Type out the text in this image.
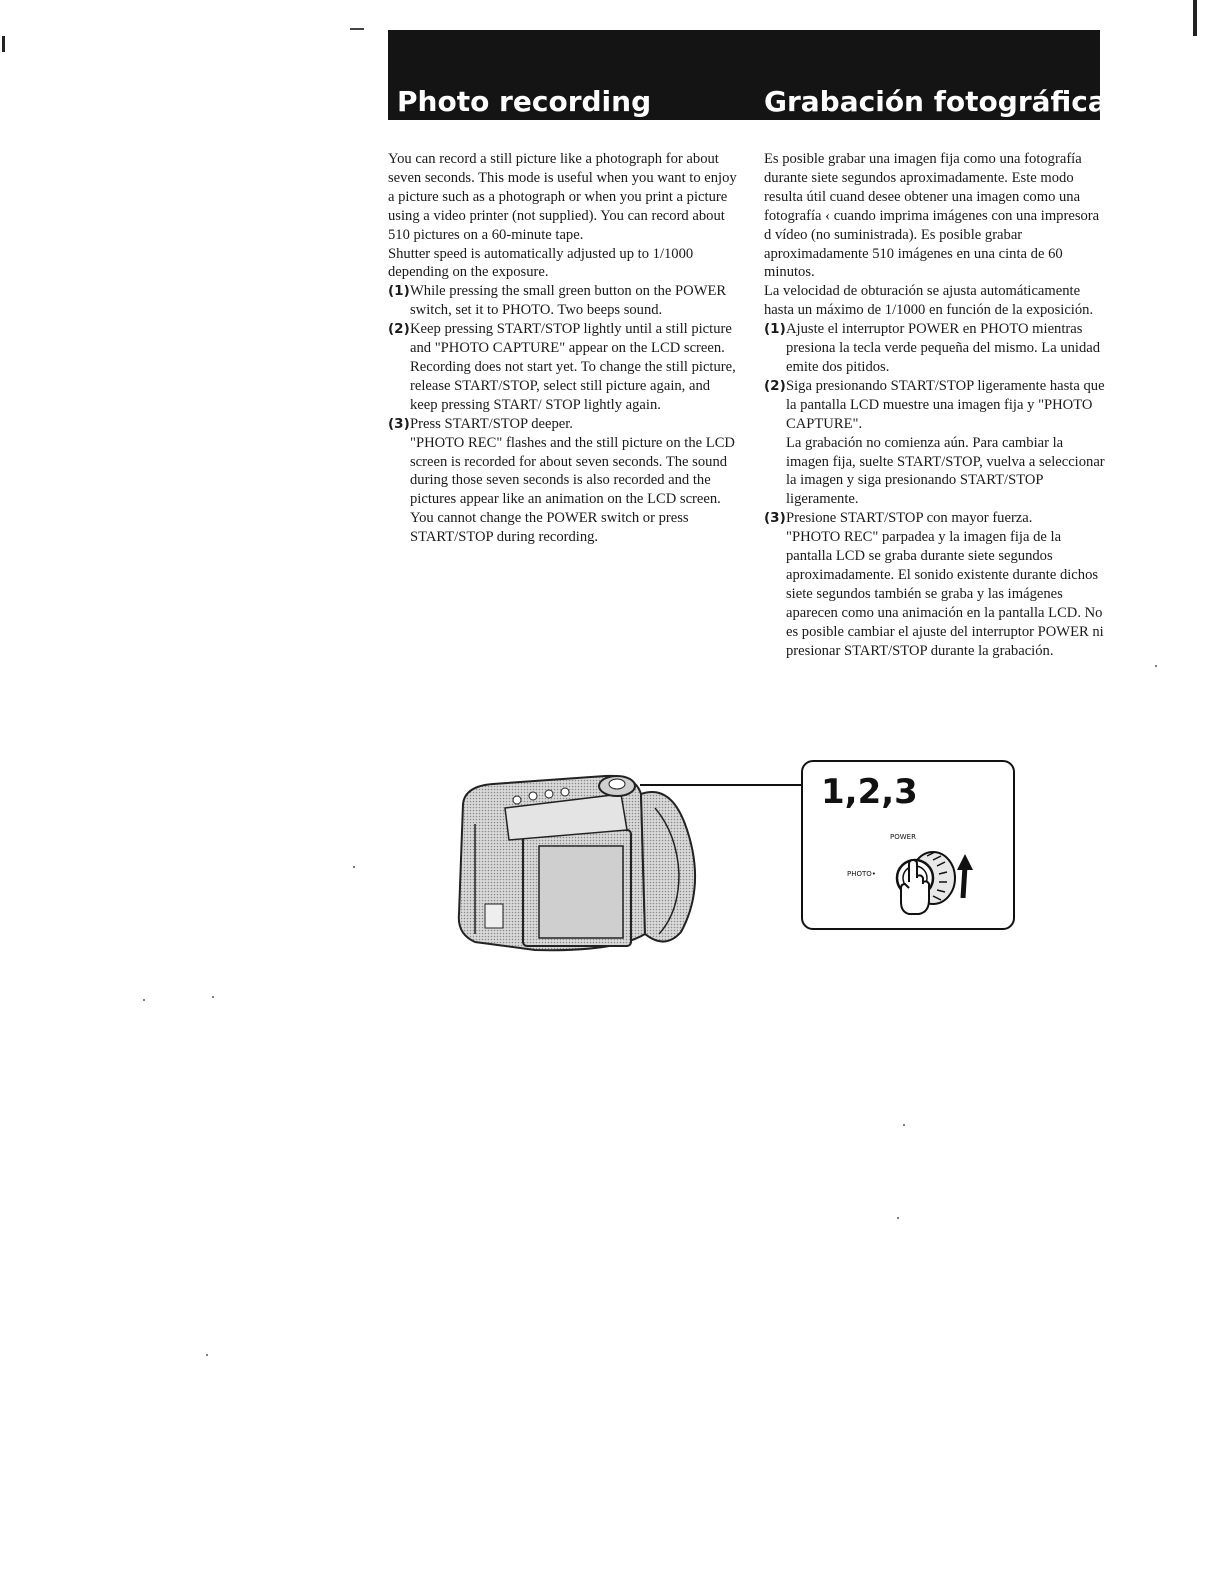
Photo recording	Grabación fotográfica

You can record a still picture like a photograph for about seven seconds. This mode is useful when you want to enjoy a picture such as a photograph or when you print a picture using a video printer (not supplied). You can record about 510 pictures on a 60-minute tape.

Shutter speed is automatically adjusted up to 1/1000 depending on the exposure.

(1) While pressing the small green button on the POWER switch, set it to PHOTO. Two beeps sound.

(2) Keep pressing START/STOP lightly until a still picture and "PHOTO CAPTURE" appear on the LCD screen.

Recording does not start yet. To change the still picture, release START/STOP, select still picture again, and keep pressing START/ STOP lightly again.

(3) Press START/STOP deeper.

"PHOTO REC" flashes and the still picture on the LCD screen is recorded for about seven seconds. The sound during those seven seconds is also recorded and the pictures appear like an animation on the LCD screen. You cannot change the POWER switch or press START/STOP during recording.

Es posible grabar una imagen fija como una fotografía durante siete segundos aproximadamente. Este modo resulta útil cuand desee obtener una imagen como una fotografía ‹ cuando imprima imágenes con una impresora d vídeo (no suministrada). Es posible grabar aproximadamente 510 imágenes en una cinta de 60 minutos.

La velocidad de obturación se ajusta automáticamente hasta un máximo de 1/1000 en función de la exposición.

(1) Ajuste el interruptor POWER en PHOTO mientras presiona la tecla verde pequeña del mismo. La unidad emite dos pitidos.

(2) Siga presionando START/STOP ligeramente hasta que la pantalla LCD muestre una imagen fija y "PHOTO CAPTURE".

La grabación no comienza aún. Para cambiar la imagen fija, suelte START/STOP, vuelva a seleccionar la imagen y siga presionando START/STOP ligeramente.

(3) Presione START/STOP con mayor fuerza.

"PHOTO REC" parpadea y la imagen fija de la pantalla LCD se graba durante siete segundos aproximadamente. El sonido existente durante dichos siete segundos también se graba y las imágenes aparecen como una animación en la pantalla LCD. No es posible cambiar el ajuste del interruptor POWER ni presionar START/STOP durante la grabación.

1,2,3
POWER
PHOTO•
